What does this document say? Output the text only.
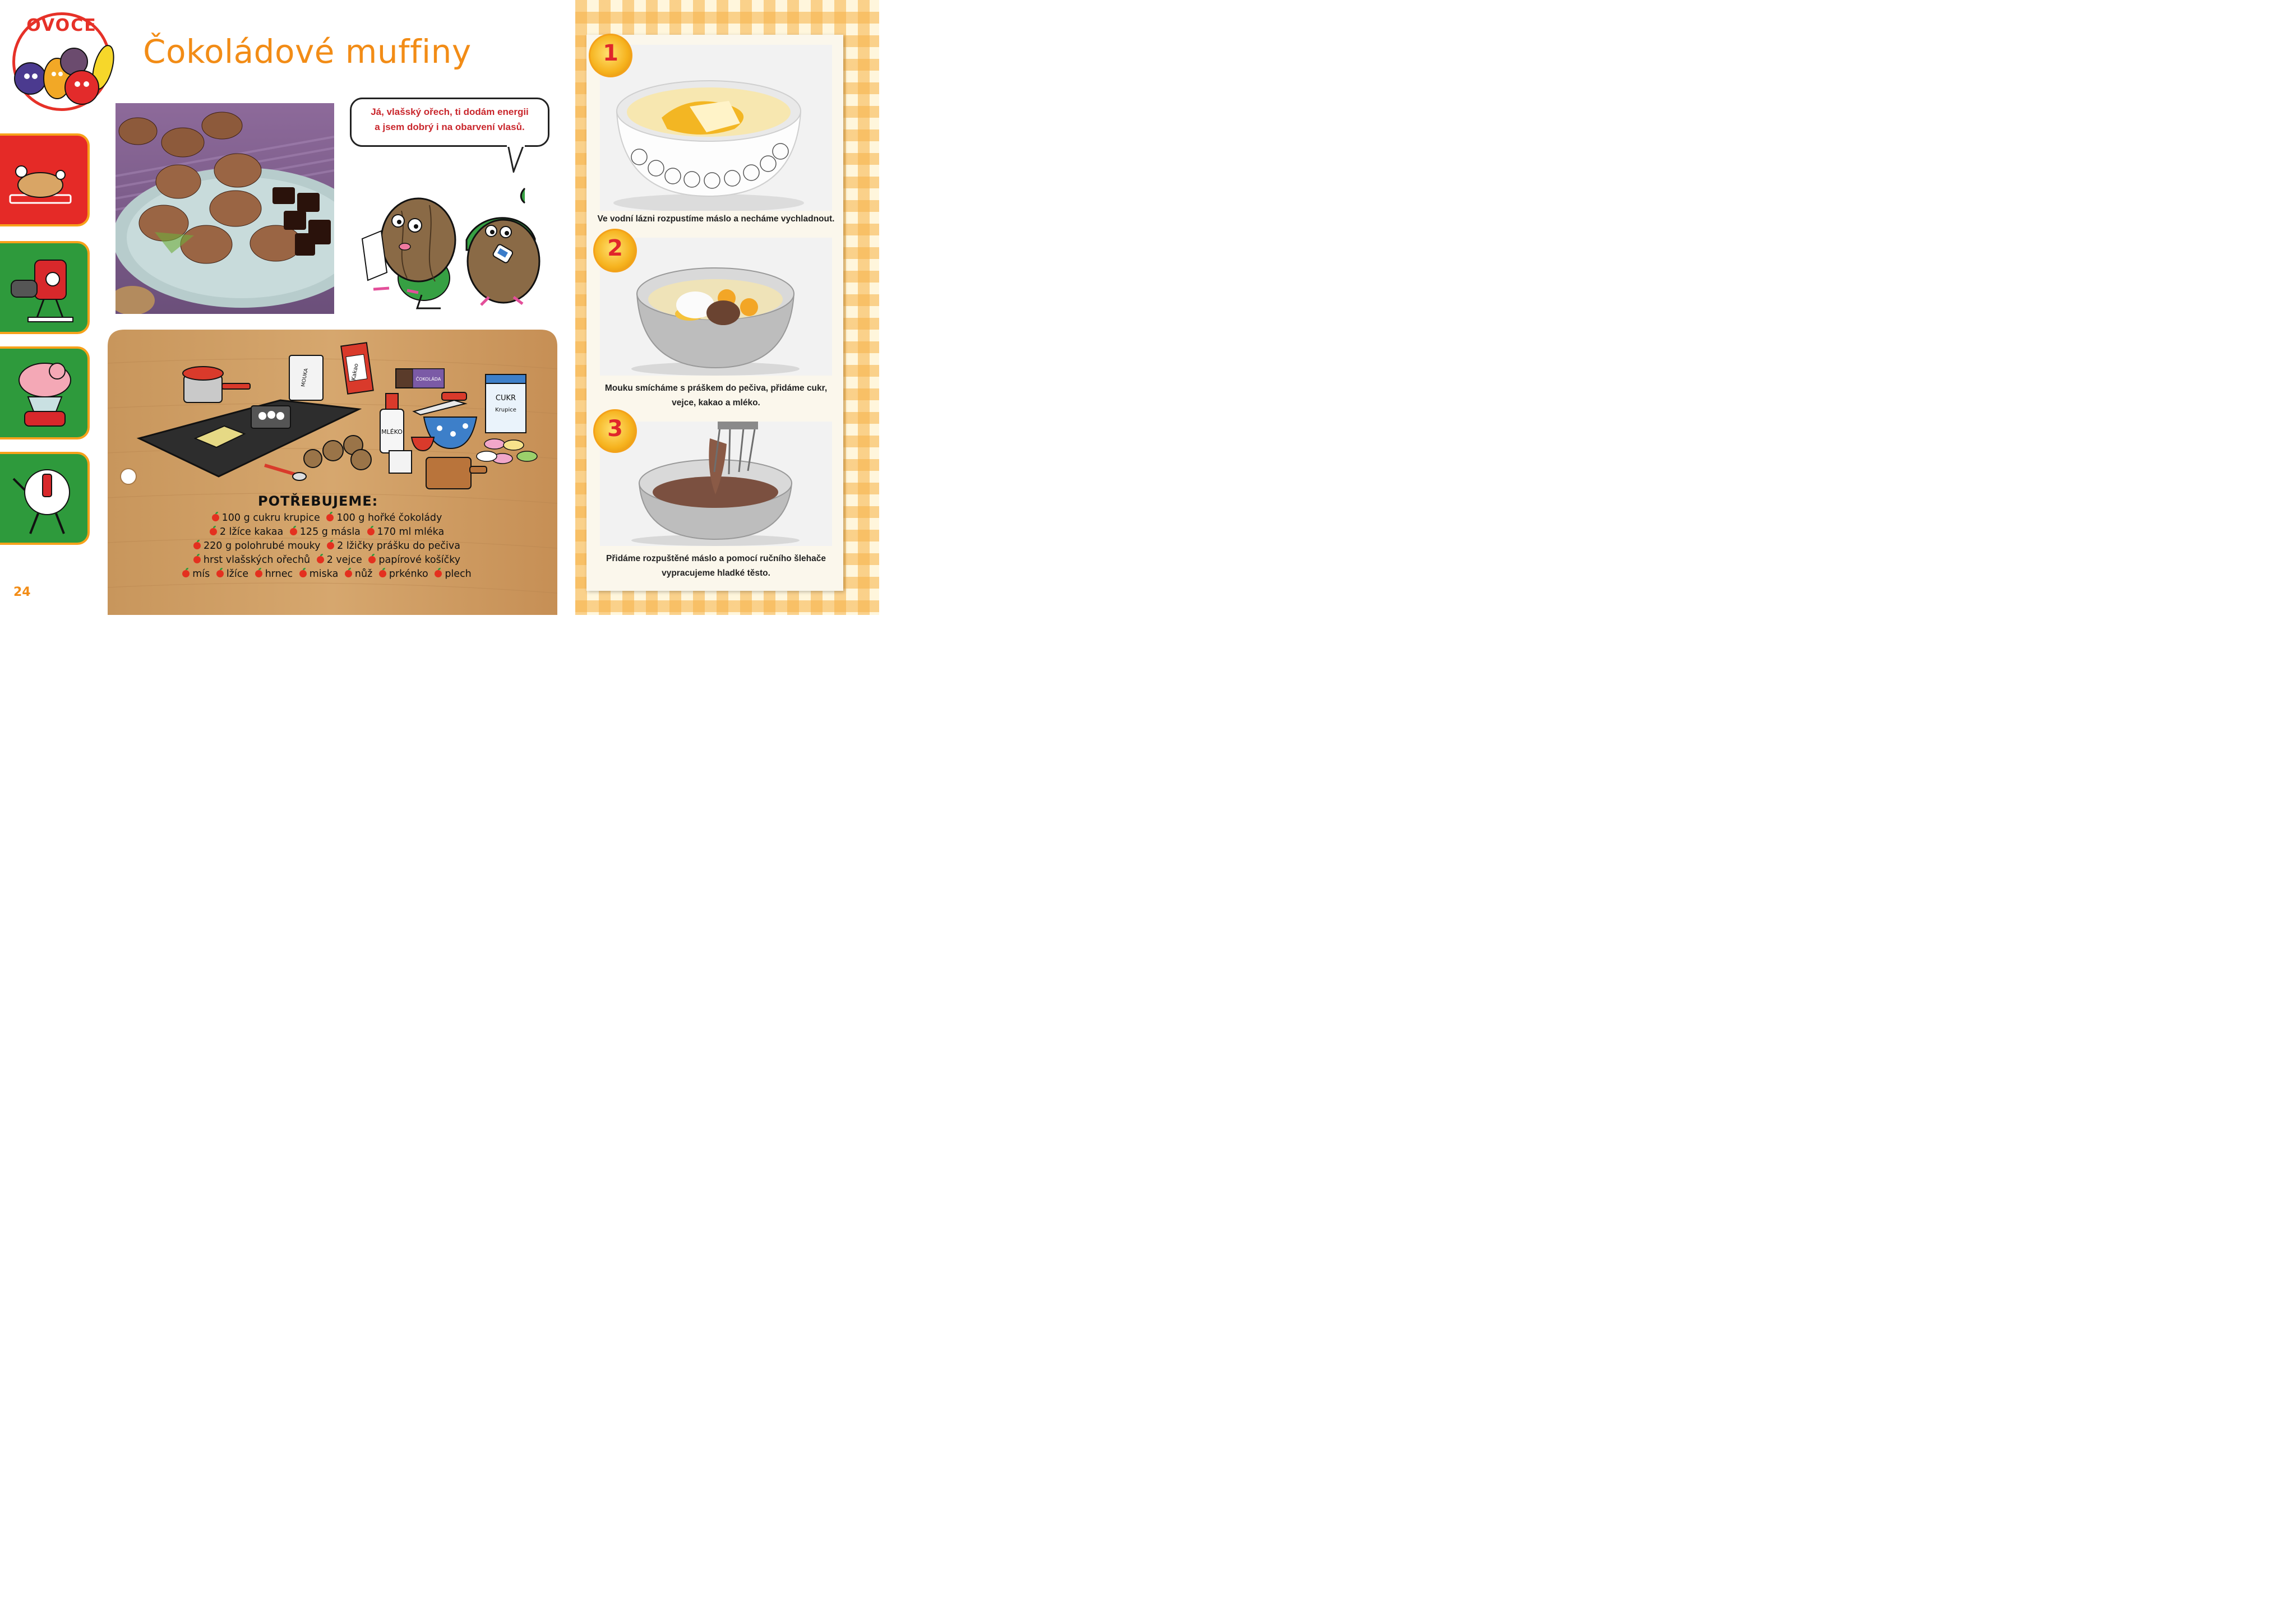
OVOCE
24
Čokoládové muffiny
Já, vlašský ořech, ti dodám energii
a jsem dobrý i na obarvení vlasů.
MOUKA	Kakao	ČOKOLÁDA
MLÉKO
CUKR
Krupice
POTŘEBUJEME:
100 g cukru krupice 100 g hořké čokolády
2 lžíce kakaa 125 g másla 170 ml mléka
220 g polohrubé mouky 2 lžičky prášku do pečiva
hrst vlašských ořechů 2 vejce papírové košíčky
mís lžíce hrnec miska nůž prkénko plech
1
Ve vodní lázni rozpustíme máslo a necháme vychladnout.
2
Mouku smícháme s práškem do pečiva, přidáme cukr,
vejce, kakao a mléko.
3
Přidáme rozpuštěné máslo a pomocí ručního šlehače
vypracujeme hladké těsto.
